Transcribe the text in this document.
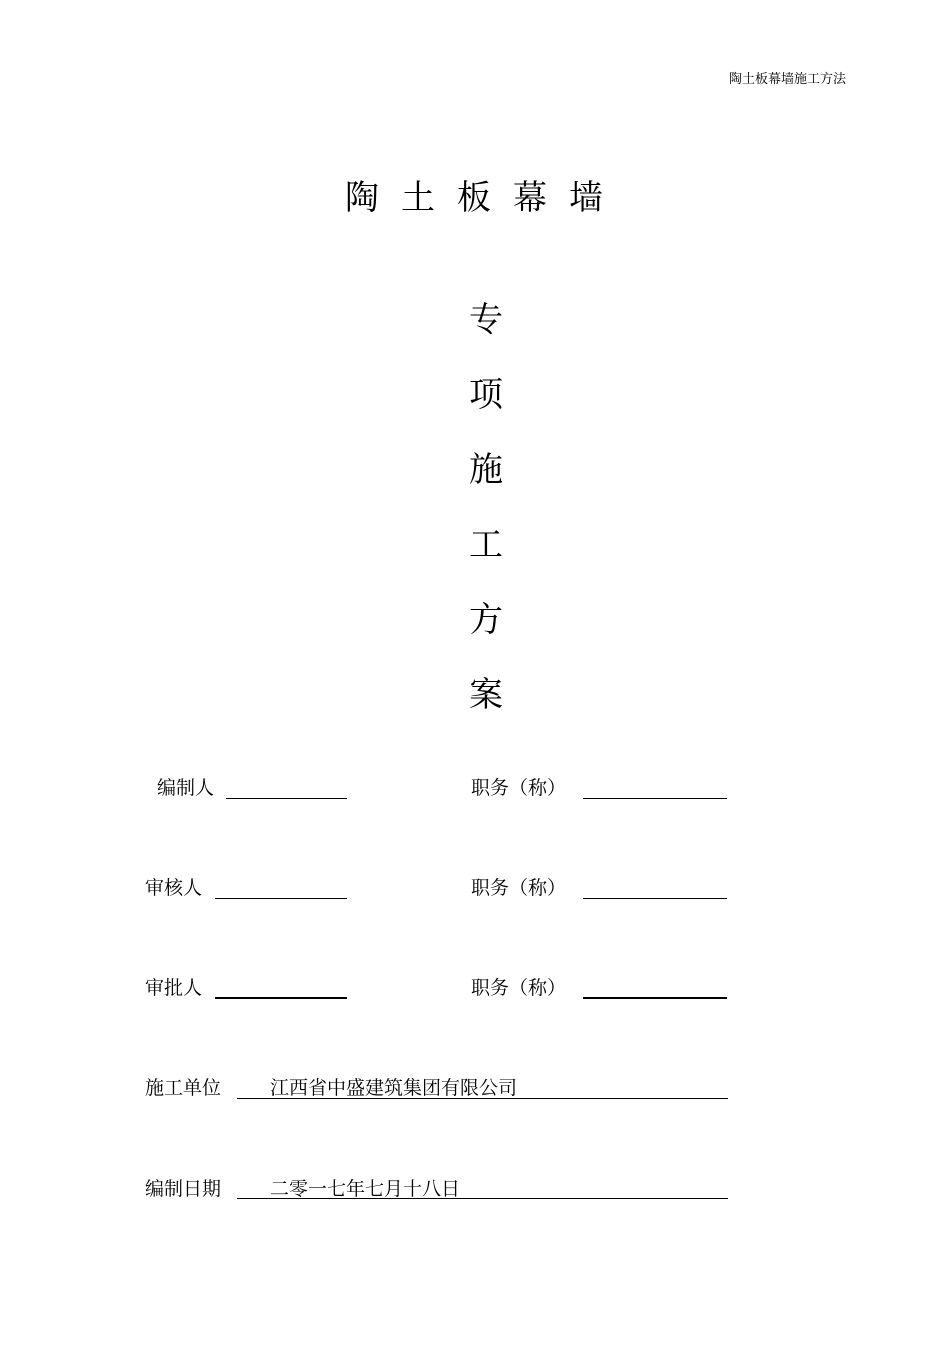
陶土板幕墙施工方法
陶土板幕墙
专
项
施
工
方
案
编制人	职务（称）
审核人	职务（称）
审批人	职务（称）
施工单位	江西省中盛建筑集团有限公司
编制日期	二零一七年七月十八日
